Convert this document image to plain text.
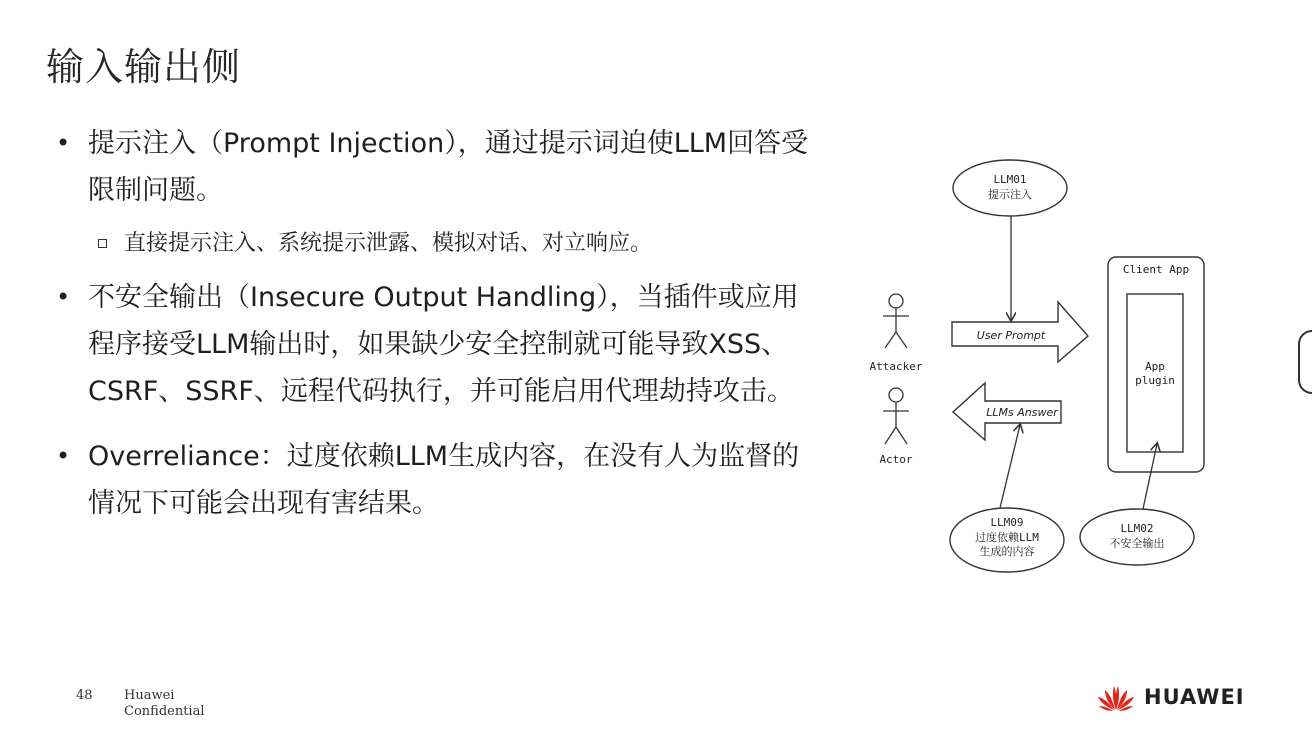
输入输出侧
• 提示注入（Prompt Injection），通过提示词迫使LLM回答受限制问题。

直接提示注入、系统提示泄露、模拟对话、对立响应。
• 不安全输出（Insecure Output Handling），当插件或应用程序接受LLM输出时，如果缺少安全控制就可能导致XSS、CSRF、SSRF、远程代码执行，并可能启用代理劫持攻击。

• Overreliance：过度依赖LLM生成内容，在没有人为监督的情况下可能会出现有害结果。

LLM01
提示注入
Client App
App
plugin
User Prompt
LLMs Answer
Attacker
Actor
LLM09
过度依赖LLM
生成的内容
LLM02
不安全输出
48 Huawei
Confidential
HUAWEI
